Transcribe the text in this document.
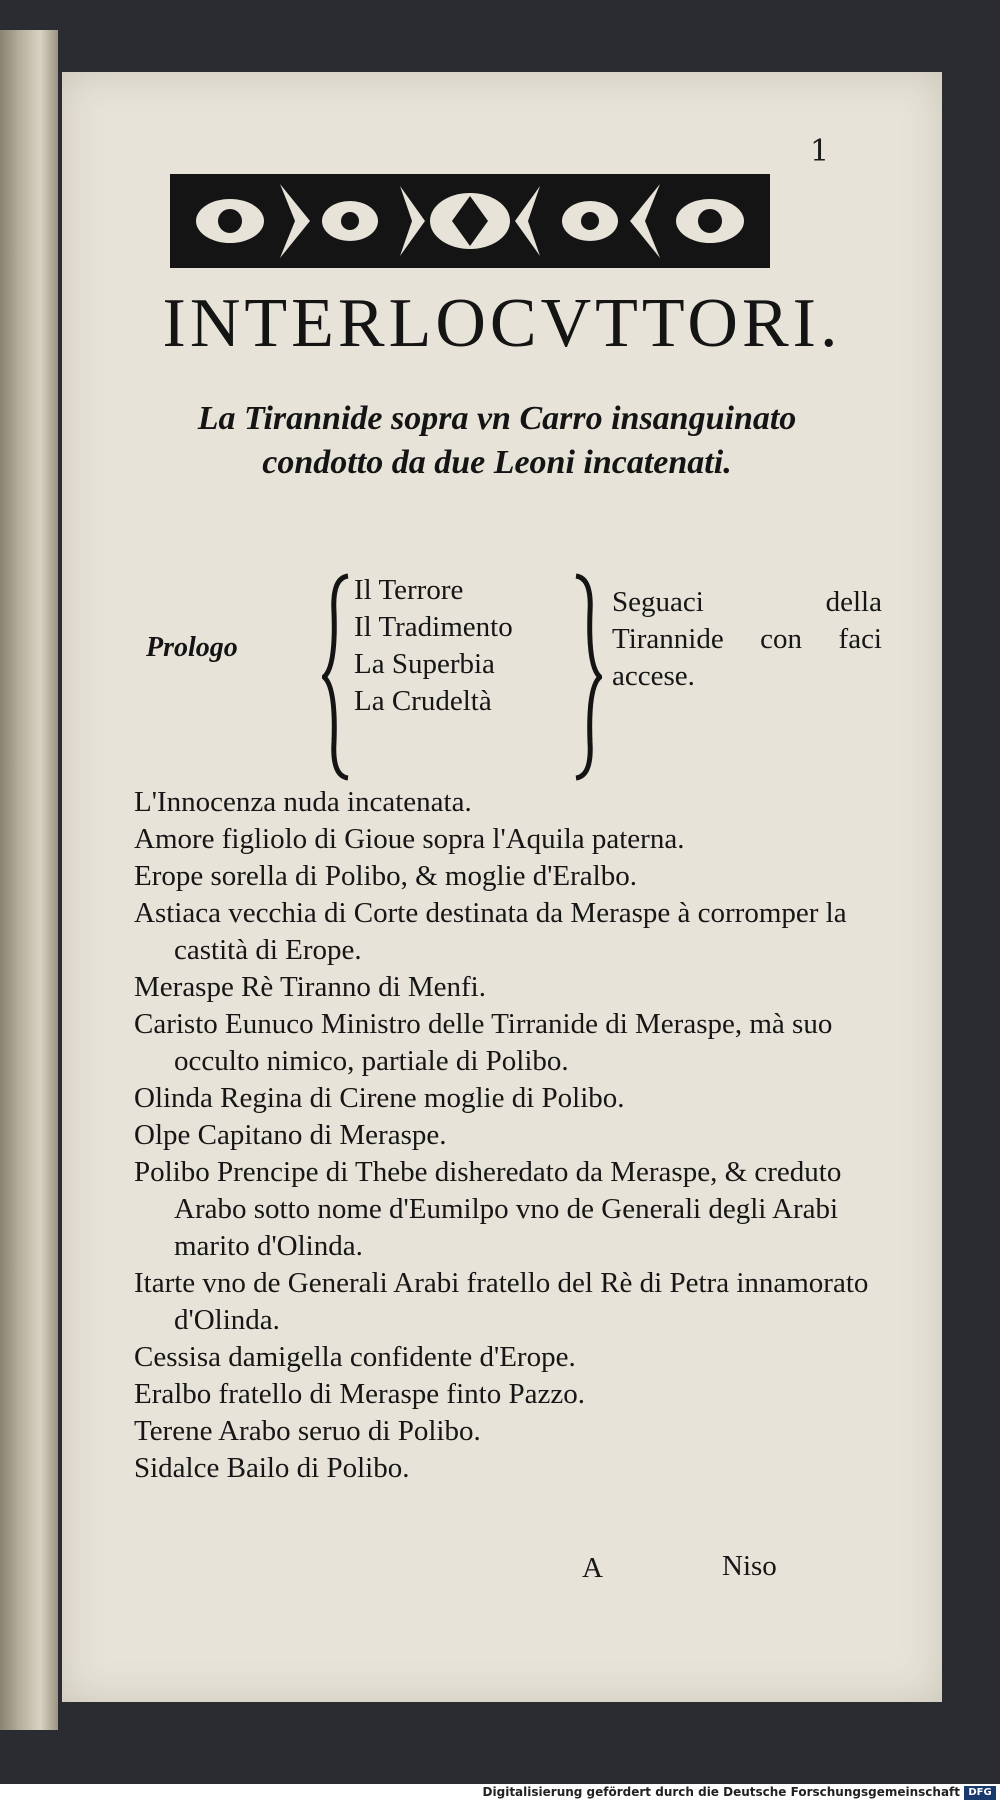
1
INTERLOCVTTORI.
La Tirannide sopra vn Carro insanguinato condotto da due Leoni incatenati.
Prologo
Il Terrore
Il Tradimento
La Superbia
La Crudeltà
Seguaci della Tirannide con faci accese.
L'Innocenza nuda incatenata.
Amore figliolo di Gioue sopra l'Aquila paterna.
Erope sorella di Polibo, & moglie d'Eralbo.
Astiaca vecchia di Corte destinata da Meraspe à corromper la castità di Erope.
Meraspe Rè Tiranno di Menfi.
Caristo Eunuco Ministro delle Tirranide di Meraspe, mà suo occulto nimico, partiale di Polibo.
Olinda Regina di Cirene moglie di Polibo.
Olpe Capitano di Meraspe.
Polibo Prencipe di Thebe disheredato da Meraspe, & creduto Arabo sotto nome d'Eumilpo vno de Generali degli Arabi marito d'Olinda.
Itarte vno de Generali Arabi fratello del Rè di Petra innamorato d'Olinda.
Cessisa damigella confidente d'Erope.
Eralbo fratello di Meraspe finto Pazzo.
Terene Arabo seruo di Polibo.
Sidalce Bailo di Polibo.
A	Niso
Digitalisierung gefördert durch die Deutsche Forschungsgemeinschaft DFG
